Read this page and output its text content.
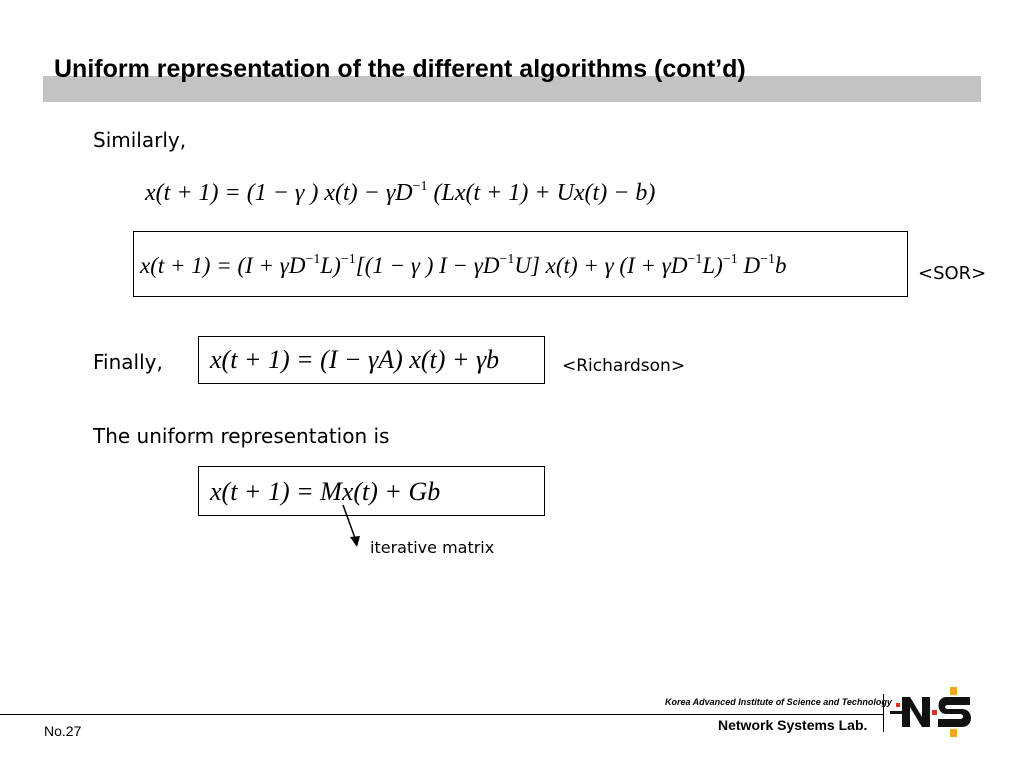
Uniform representation of the different algorithms (cont’d)
Similarly,
x(t + 1) = (1 − γ ) $x(t) - \gamma D^{-1}$ (Lx(t + 1) + Ux(t) − b)
$x(t + 1) = (I + \gamma D^{-1}L)^{-1}[(1 - \gamma$ ) $I - \gamma D^{-1}U$] x(t) + γ $(I + \gamma D^{-1}L)^{-1}$ $D^{-1}b$	<SOR>
Finally, x(t + 1) = (I − γA) x(t) + γb	<Richardson>
The uniform representation is
x(t + 1) = Mx(t) + Gb
iterative matrix
No.27
Korea Advanced Institute of Science and Technology
Network Systems Lab.
